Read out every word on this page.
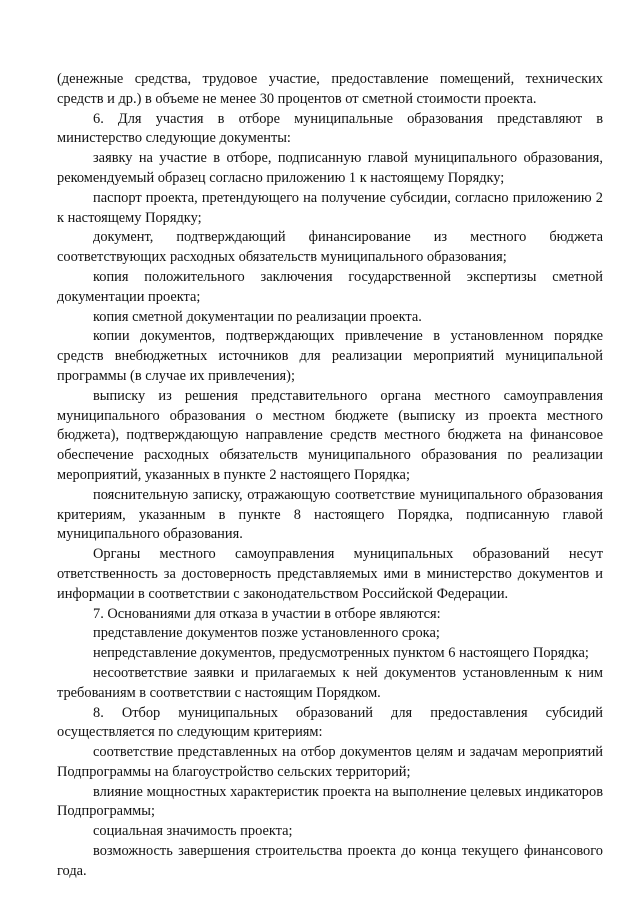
(денежные средства, трудовое участие, предоставление помещений, технических средств и др.) в объеме не менее 30 процентов от сметной стоимости проекта.

6. Для участия в отборе муниципальные образования представляют в министерство следующие документы:

заявку на участие в отборе, подписанную главой муниципального образования, рекомендуемый образец согласно приложению 1 к настоящему Порядку;

паспорт проекта, претендующего на получение субсидии, согласно приложению 2 к настоящему Порядку;

документ, подтверждающий финансирование из местного бюджета соответствующих расходных обязательств муниципального образования;

копия положительного заключения государственной экспертизы сметной документации проекта;

копия сметной документации по реализации проекта.

копии документов, подтверждающих привлечение в установленном порядке средств внебюджетных источников для реализации мероприятий муниципальной программы (в случае их привлечения);

выписку из решения представительного органа местного самоуправления муниципального образования о местном бюджете (выписку из проекта местного бюджета), подтверждающую направление средств местного бюджета на финансовое обеспечение расходных обязательств муниципального образования по реализации мероприятий, указанных в пункте 2 настоящего Порядка;

пояснительную записку, отражающую соответствие муниципального образования критериям, указанным в пункте 8 настоящего Порядка, подписанную главой муниципального образования.

Органы местного самоуправления муниципальных образований несут ответственность за достоверность представляемых ими в министерство документов и информации в соответствии с законодательством Российской Федерации.

7. Основаниями для отказа в участии в отборе являются:

представление документов позже установленного срока;

непредставление документов, предусмотренных пунктом 6 настоящего Порядка;

несоответствие заявки и прилагаемых к ней документов установленным к ним требованиям в соответствии с настоящим Порядком.

8. Отбор муниципальных образований для предоставления субсидий осуществляется по следующим критериям:

соответствие представленных на отбор документов целям и задачам мероприятий Подпрограммы на благоустройство сельских территорий;

влияние мощностных характеристик проекта на выполнение целевых индикаторов Подпрограммы;

социальная значимость проекта;

возможность завершения строительства проекта до конца текущего финансового года.
